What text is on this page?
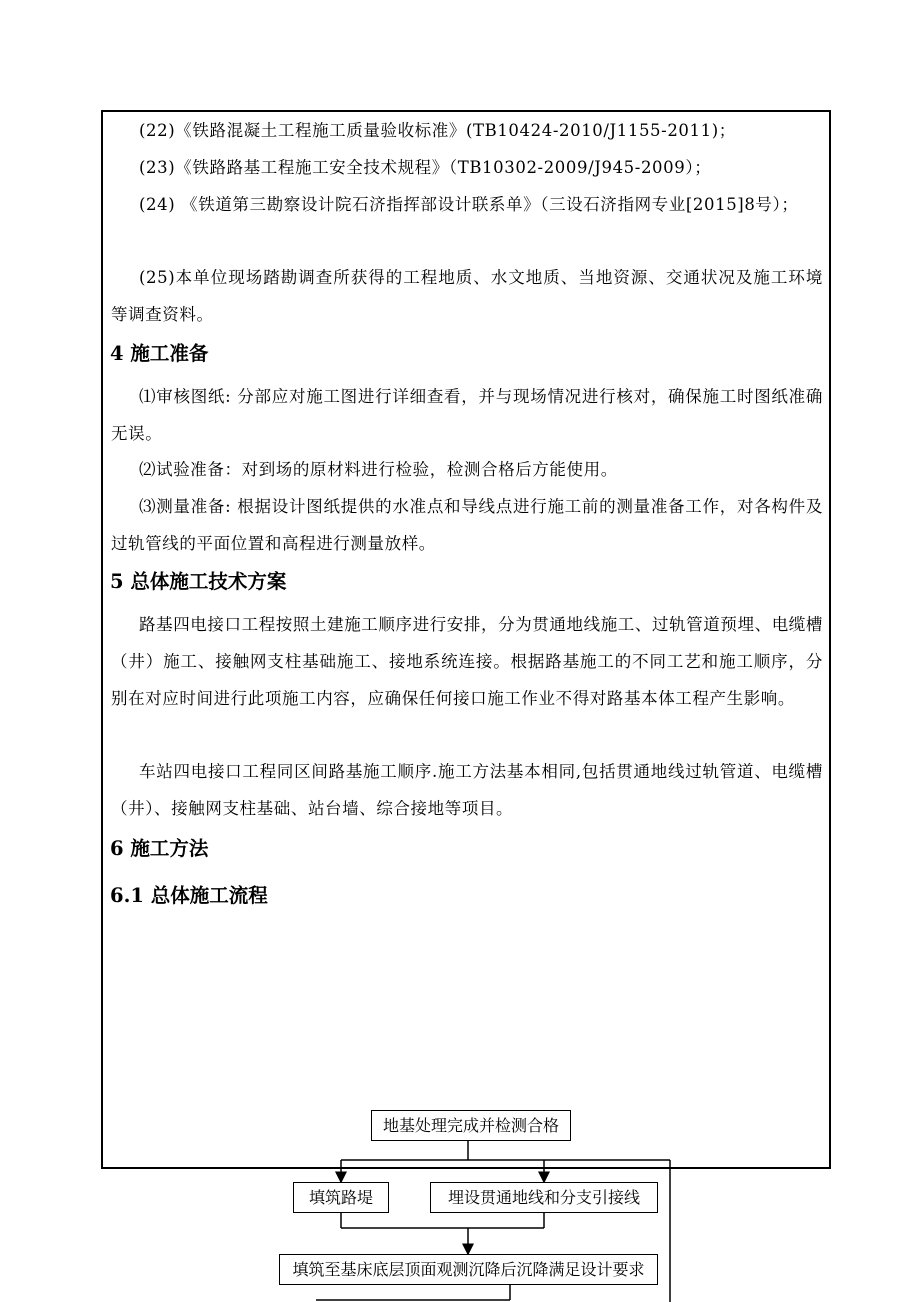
(22)《铁路混凝土工程施工质量验收标准》(TB10424-2010/J1155-2011)；

(23)《铁路路基工程施工安全技术规程》（TB10302-2009/J945-2009）；

(24) 《铁道第三勘察设计院石济指挥部设计联系单》（三设石济指网专业[2015]8号）；

(25)本单位现场踏勘调查所获得的工程地质、水文地质、当地资源、交通状况及施工环境等调查资料。

4 施工准备

⑴审核图纸: 分部应对施工图进行详细查看，并与现场情况进行核对，确保施工时图纸准确无误。

⑵试验准备：对到场的原材料进行检验，检测合格后方能使用。

⑶测量准备: 根据设计图纸提供的水准点和导线点进行施工前的测量准备工作，对各构件及过轨管线的平面位置和高程进行测量放样。

5 总体施工技术方案

路基四电接口工程按照土建施工顺序进行安排，分为贯通地线施工、过轨管道预埋、电缆槽（井）施工、接触网支柱基础施工、接地系统连接。根据路基施工的不同工艺和施工顺序，分别在对应时间进行此项施工内容，应确保任何接口施工作业不得对路基本体工程产生影响。

车站四电接口工程同区间路基施工顺序.施工方法基本相同,包括贯通地线过轨管道、电缆槽（井）、接触网支柱基础、站台墙、综合接地等项目。

6 施工方法
6.1 总体施工流程
地基处理完成并检测合格
填筑路堤	埋设贯通地线和分支引接线
填筑至基床底层顶面观测沉降后沉降满足设计要求
